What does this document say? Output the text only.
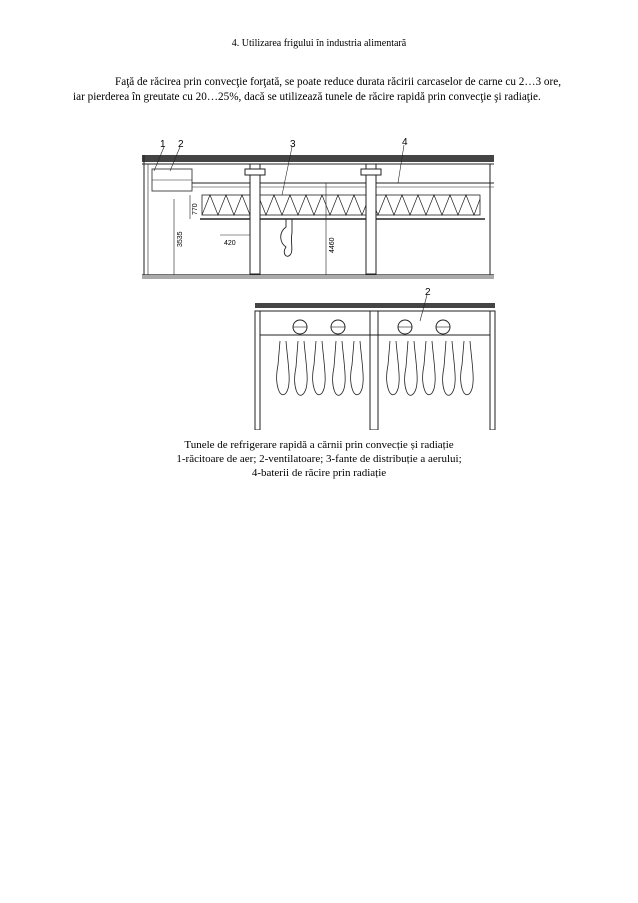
4. Utilizarea frigului în industria alimentară
Faţă de răcirea prin convecţie forţată, se poate reduce durata răcirii carcaselor de carne cu 2…3 ore, iar pierderea în greutate cu 20…25%, dacă se utilizează tunele de răcire rapidă prin convecţie şi radiaţie.
1 2	3	4
2
770
3535	420	4460
Tunele de refrigerare rapidă a cărnii prin convecție și radiație
1-răcitoare de aer; 2-ventilatoare; 3-fante de distribuție a aerului;
4-baterii de răcire prin radiație
